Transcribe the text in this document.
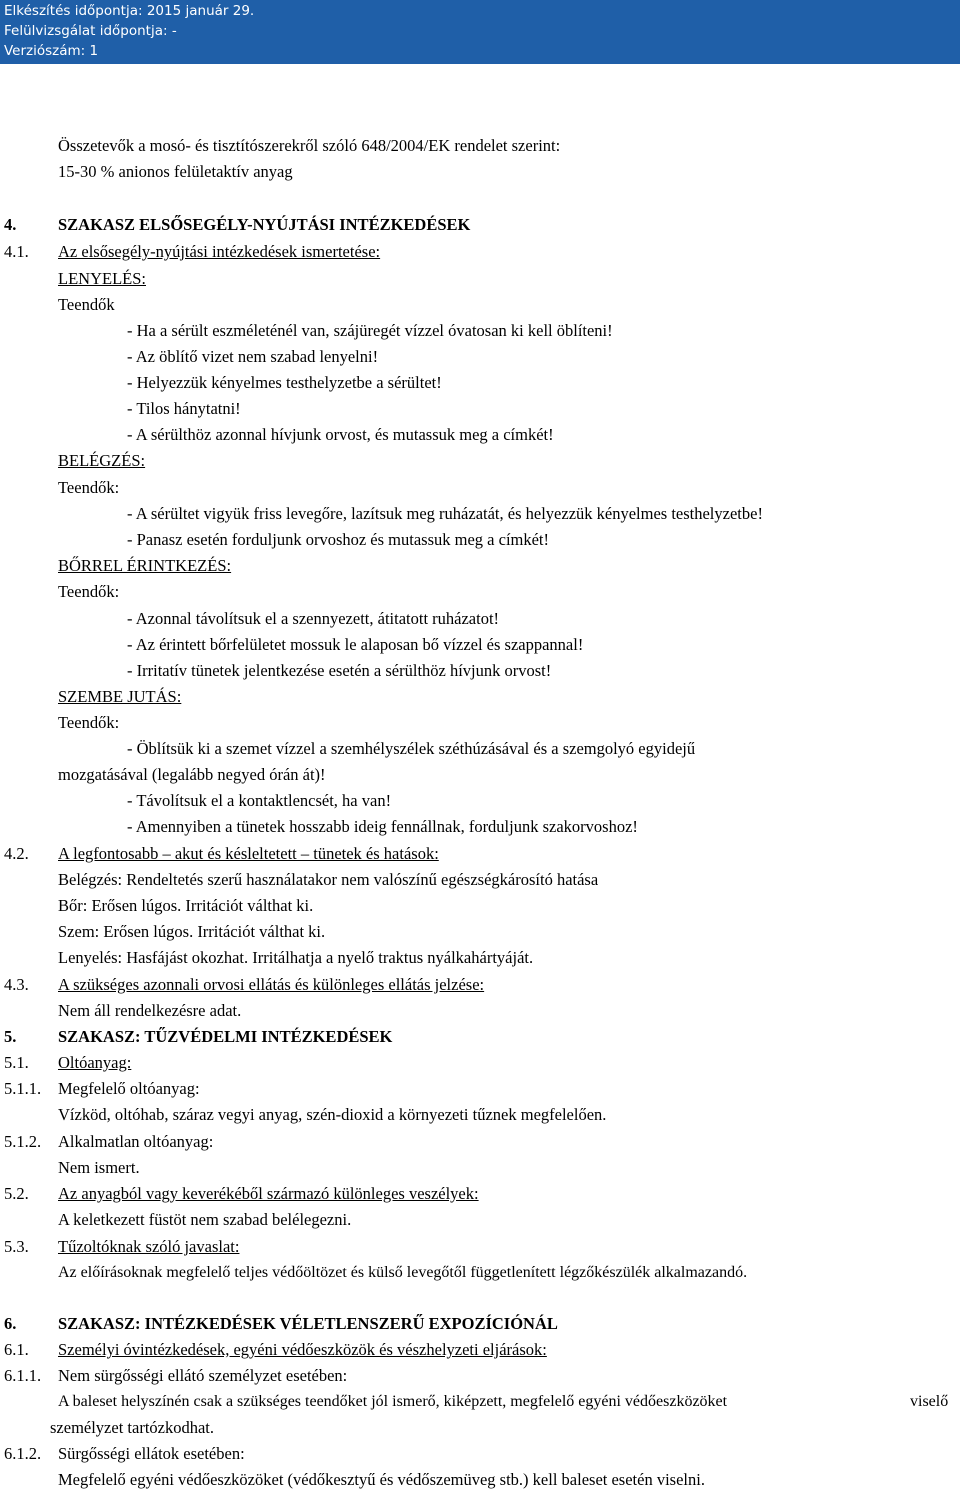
Elkészítés időpontja: 2015 január 29.
Felülvizsgálat időpontja: -
Verziószám: 1
Összetevők a mosó- és tisztítószerekről szóló 648/2004/EK rendelet szerint:
15-30 % anionos felületaktív anyag
4.	SZAKASZ ELSŐSEGÉLY-NYÚJTÁSI INTÉZKEDÉSEK
4.1. Az elsősegély-nyújtási intézkedések ismertetése:
LENYELÉS:
Teendők
- Ha a sérült eszméleténél van, szájüregét vízzel óvatosan ki kell öblíteni!
- Az öblítő vizet nem szabad lenyelni!
- Helyezzük kényelmes testhelyzetbe a sérültet!
- Tilos hánytatni!
- A sérülthöz azonnal hívjunk orvost, és mutassuk meg a címkét!
BELÉGZÉS:
Teendők:
- A sérültet vigyük friss levegőre, lazítsuk meg ruházatát, és helyezzük kényelmes testhelyzetbe!
- Panasz esetén forduljunk orvoshoz és mutassuk meg a címkét!
BŐRREL ÉRINTKEZÉS:
Teendők:
- Azonnal távolítsuk el a szennyezett, átitatott ruházatot!
- Az érintett bőrfelületet mossuk le alaposan bő vízzel és szappannal!
- Irritatív tünetek jelentkezése esetén a sérülthöz hívjunk orvost!
SZEMBE JUTÁS:
Teendők:
- Öblítsük ki a szemet vízzel a szemhélyszélek széthúzásával és a szemgolyó egyidejű
mozgatásával (legalább negyed órán át)!
- Távolítsuk el a kontaktlencsét, ha van!
- Amennyiben a tünetek hosszabb ideig fennállnak, forduljunk szakorvoshoz!
4.2. A legfontosabb – akut és késleltetett – tünetek és hatások:
Belégzés: Rendeltetés szerű használatakor nem valószínű egészségkárosító hatása
Bőr: Erősen lúgos. Irritációt válthat ki.
Szem: Erősen lúgos. Irritációt válthat ki.
Lenyelés: Hasfájást okozhat. Irritálhatja a nyelő traktus nyálkahártyáját.
4.3. A szükséges azonnali orvosi ellátás és különleges ellátás jelzése:
Nem áll rendelkezésre adat.
5.	SZAKASZ: TŰZVÉDELMI INTÉZKEDÉSEK
5.1. Oltóanyag:
5.1.1. Megfelelő oltóanyag:
Vízköd, oltóhab, száraz vegyi anyag, szén-dioxid a környezeti tűznek megfelelően.
5.1.2. Alkalmatlan oltóanyag:
Nem ismert.
5.2. Az anyagból vagy keverékéből származó különleges veszélyek:
A keletkezett füstöt nem szabad belélegezni.
5.3. Tűzoltóknak szóló javaslat:
Az előírásoknak megfelelő teljes védőöltözet és külső levegőtől függetlenített légzőkészülék alkalmazandó.
6.	SZAKASZ: INTÉZKEDÉSEK VÉLETLENSZERŰ EXPOZÍCIÓNÁL
6.1. Személyi óvintézkedések, egyéni védőeszközök és vészhelyzeti eljárások:
6.1.1. Nem sürgősségi ellátó személyzet esetében:
A baleset helyszínén csak a szükséges teendőket jól ismerő, kiképzett, megfelelő egyéni védőeszközöket	viselő
személyzet tartózkodhat.
6.1.2. Sürgősségi ellátok esetében:
Megfelelő egyéni védőeszközöket (védőkesztyű és védőszemüveg stb.) kell baleset esetén viselni.
